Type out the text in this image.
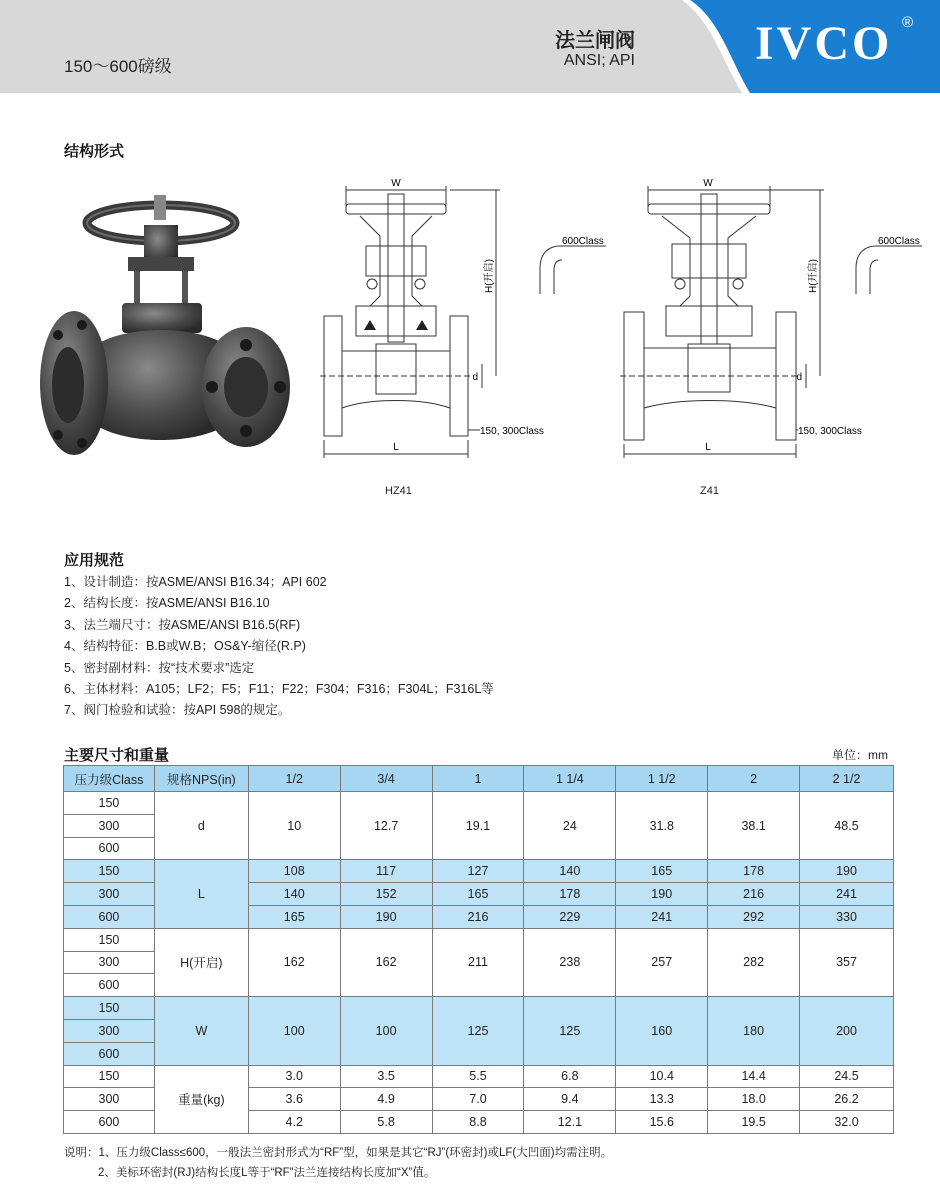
150～600磅级
法兰闸阀
ANSI; API	IVCO ®
结构形式
W
H(开启)
d
L
600Class
150, 300Class
HZ41
W
H(开启)
d
L
600Class
150, 300Class
Z41
应用规范
1、设计制造：按ASME/ANSI B16.34；API 602
2、结构长度：按ASME/ANSI B16.10
3、法兰端尺寸：按ASME/ANSI B16.5(RF)
4、结构特征：B.B或W.B；OS&Y-缩径(R.P)
5、密封副材料：按“技术要求”选定
6、主体材料：A105；LF2；F5；F11；F22；F304；F316；F304L；F316L等
7、阀门检验和试验：按API 598的规定。
主要尺寸和重量	单位：mm
压力级Class	规格NPS(in)	1/2	3/4	1	1 1/4	1 1/2	2	2 1/2
150	d	10	12.7	19.1	24	31.8	38.1	48.5
300								
600								
150	L	108	117	127	140	165	178	190
300		140	152	165	178	190	216	241
600		165	190	216	229	241	292	330
150	H(开启)	162	162	211	238	257	282	357
300								
600								
150	W	100	100	125	125	160	180	200
300								
600								
150	重量(kg)	3.0	3.5	5.5	6.8	10.4	14.4	24.5
300		3.6	4.9	7.0	9.4	13.3	18.0	26.2
600		4.2	5.8	8.8	12.1	15.6	19.5	32.0
说明：1、压力级Class≤600，一般法兰密封形式为“RF”型，如果是其它“RJ”(环密封)或LF(大凹面)均需注明。
2、美标环密封(RJ)结构长度L等于“RF”法兰连接结构长度加“X”值。
